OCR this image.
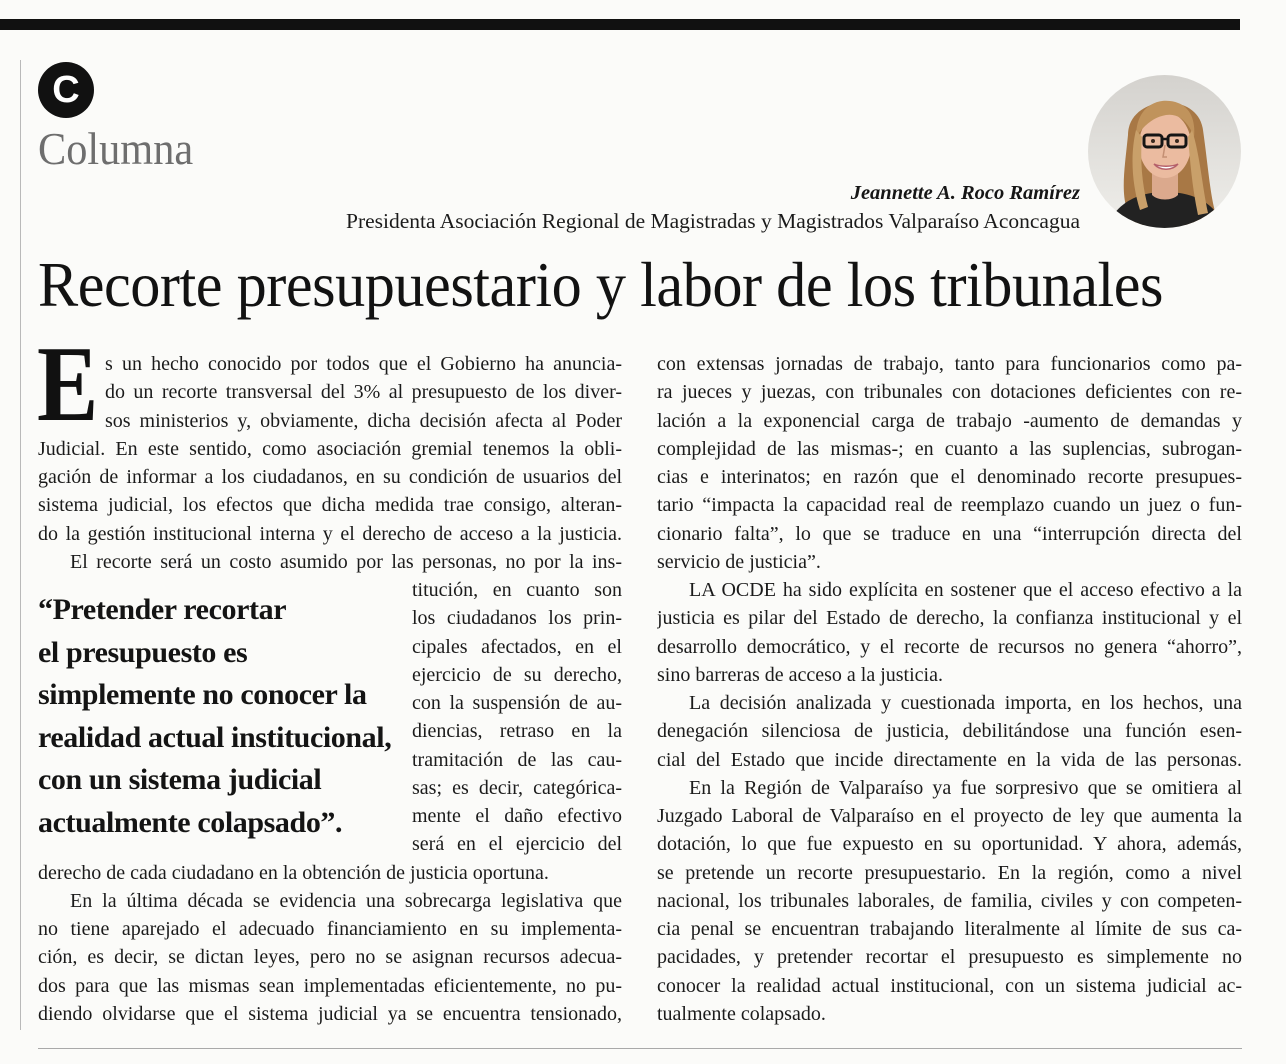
C
Columna
Jeannette A. Roco Ramírez
Presidenta Asociación Regional de Magistradas y Magistrados Valparaíso Aconcagua
Recorte presupuestario y labor de los tribunales
E s un hecho conocido por todos que el Gobierno ha anuncia-
do un recorte transversal del 3% al presupuesto de los diver-
sos ministerios y, obviamente, dicha decisión afecta al Poder
Judicial. En este sentido, como asociación gremial tenemos la obli-
gación de informar a los ciudadanos, en su condición de usuarios del
sistema judicial, los efectos que dicha medida trae consigo, alteran-
do la gestión institucional interna y el derecho de acceso a la justicia.
El recorte será un costo asumido por las personas, no por la ins-
titución, en cuanto son
los ciudadanos los prin-
cipales afectados, en el
ejercicio de su derecho,
con la suspensión de au-
diencias, retraso en la
tramitación de las cau-
sas; es decir, categórica-
mente el daño efectivo
será en el ejercicio del
derecho de cada ciudadano en la obtención de justicia oportuna.
En la última década se evidencia una sobrecarga legislativa que
no tiene aparejado el adecuado financiamiento en su implementa-
ción, es decir, se dictan leyes, pero no se asignan recursos adecua-
dos para que las mismas sean implementadas eficientemente, no pu-
diendo olvidarse que el sistema judicial ya se encuentra tensionado,
“Pretender recortar
el presupuesto es
simplemente no conocer la
realidad actual institucional,
con un sistema judicial
actualmente colapsado”.
con extensas jornadas de trabajo, tanto para funcionarios como pa-
ra jueces y juezas, con tribunales con dotaciones deficientes con re-
lación a la exponencial carga de trabajo -aumento de demandas y
complejidad de las mismas-; en cuanto a las suplencias, subrogan-
cias e interinatos; en razón que el denominado recorte presupues-
tario “impacta la capacidad real de reemplazo cuando un juez o fun-
cionario falta”, lo que se traduce en una “interrupción directa del
servicio de justicia”.
LA OCDE ha sido explícita en sostener que el acceso efectivo a la
justicia es pilar del Estado de derecho, la confianza institucional y el
desarrollo democrático, y el recorte de recursos no genera “ahorro”,
sino barreras de acceso a la justicia.
La decisión analizada y cuestionada importa, en los hechos, una
denegación silenciosa de justicia, debilitándose una función esen-
cial del Estado que incide directamente en la vida de las personas.
En la Región de Valparaíso ya fue sorpresivo que se omitiera al
Juzgado Laboral de Valparaíso en el proyecto de ley que aumenta la
dotación, lo que fue expuesto en su oportunidad. Y ahora, además,
se pretende un recorte presupuestario. En la región, como a nivel
nacional, los tribunales laborales, de familia, civiles y con competen-
cia penal se encuentran trabajando literalmente al límite de sus ca-
pacidades, y pretender recortar el presupuesto es simplemente no
conocer la realidad actual institucional, con un sistema judicial ac-
tualmente colapsado.
